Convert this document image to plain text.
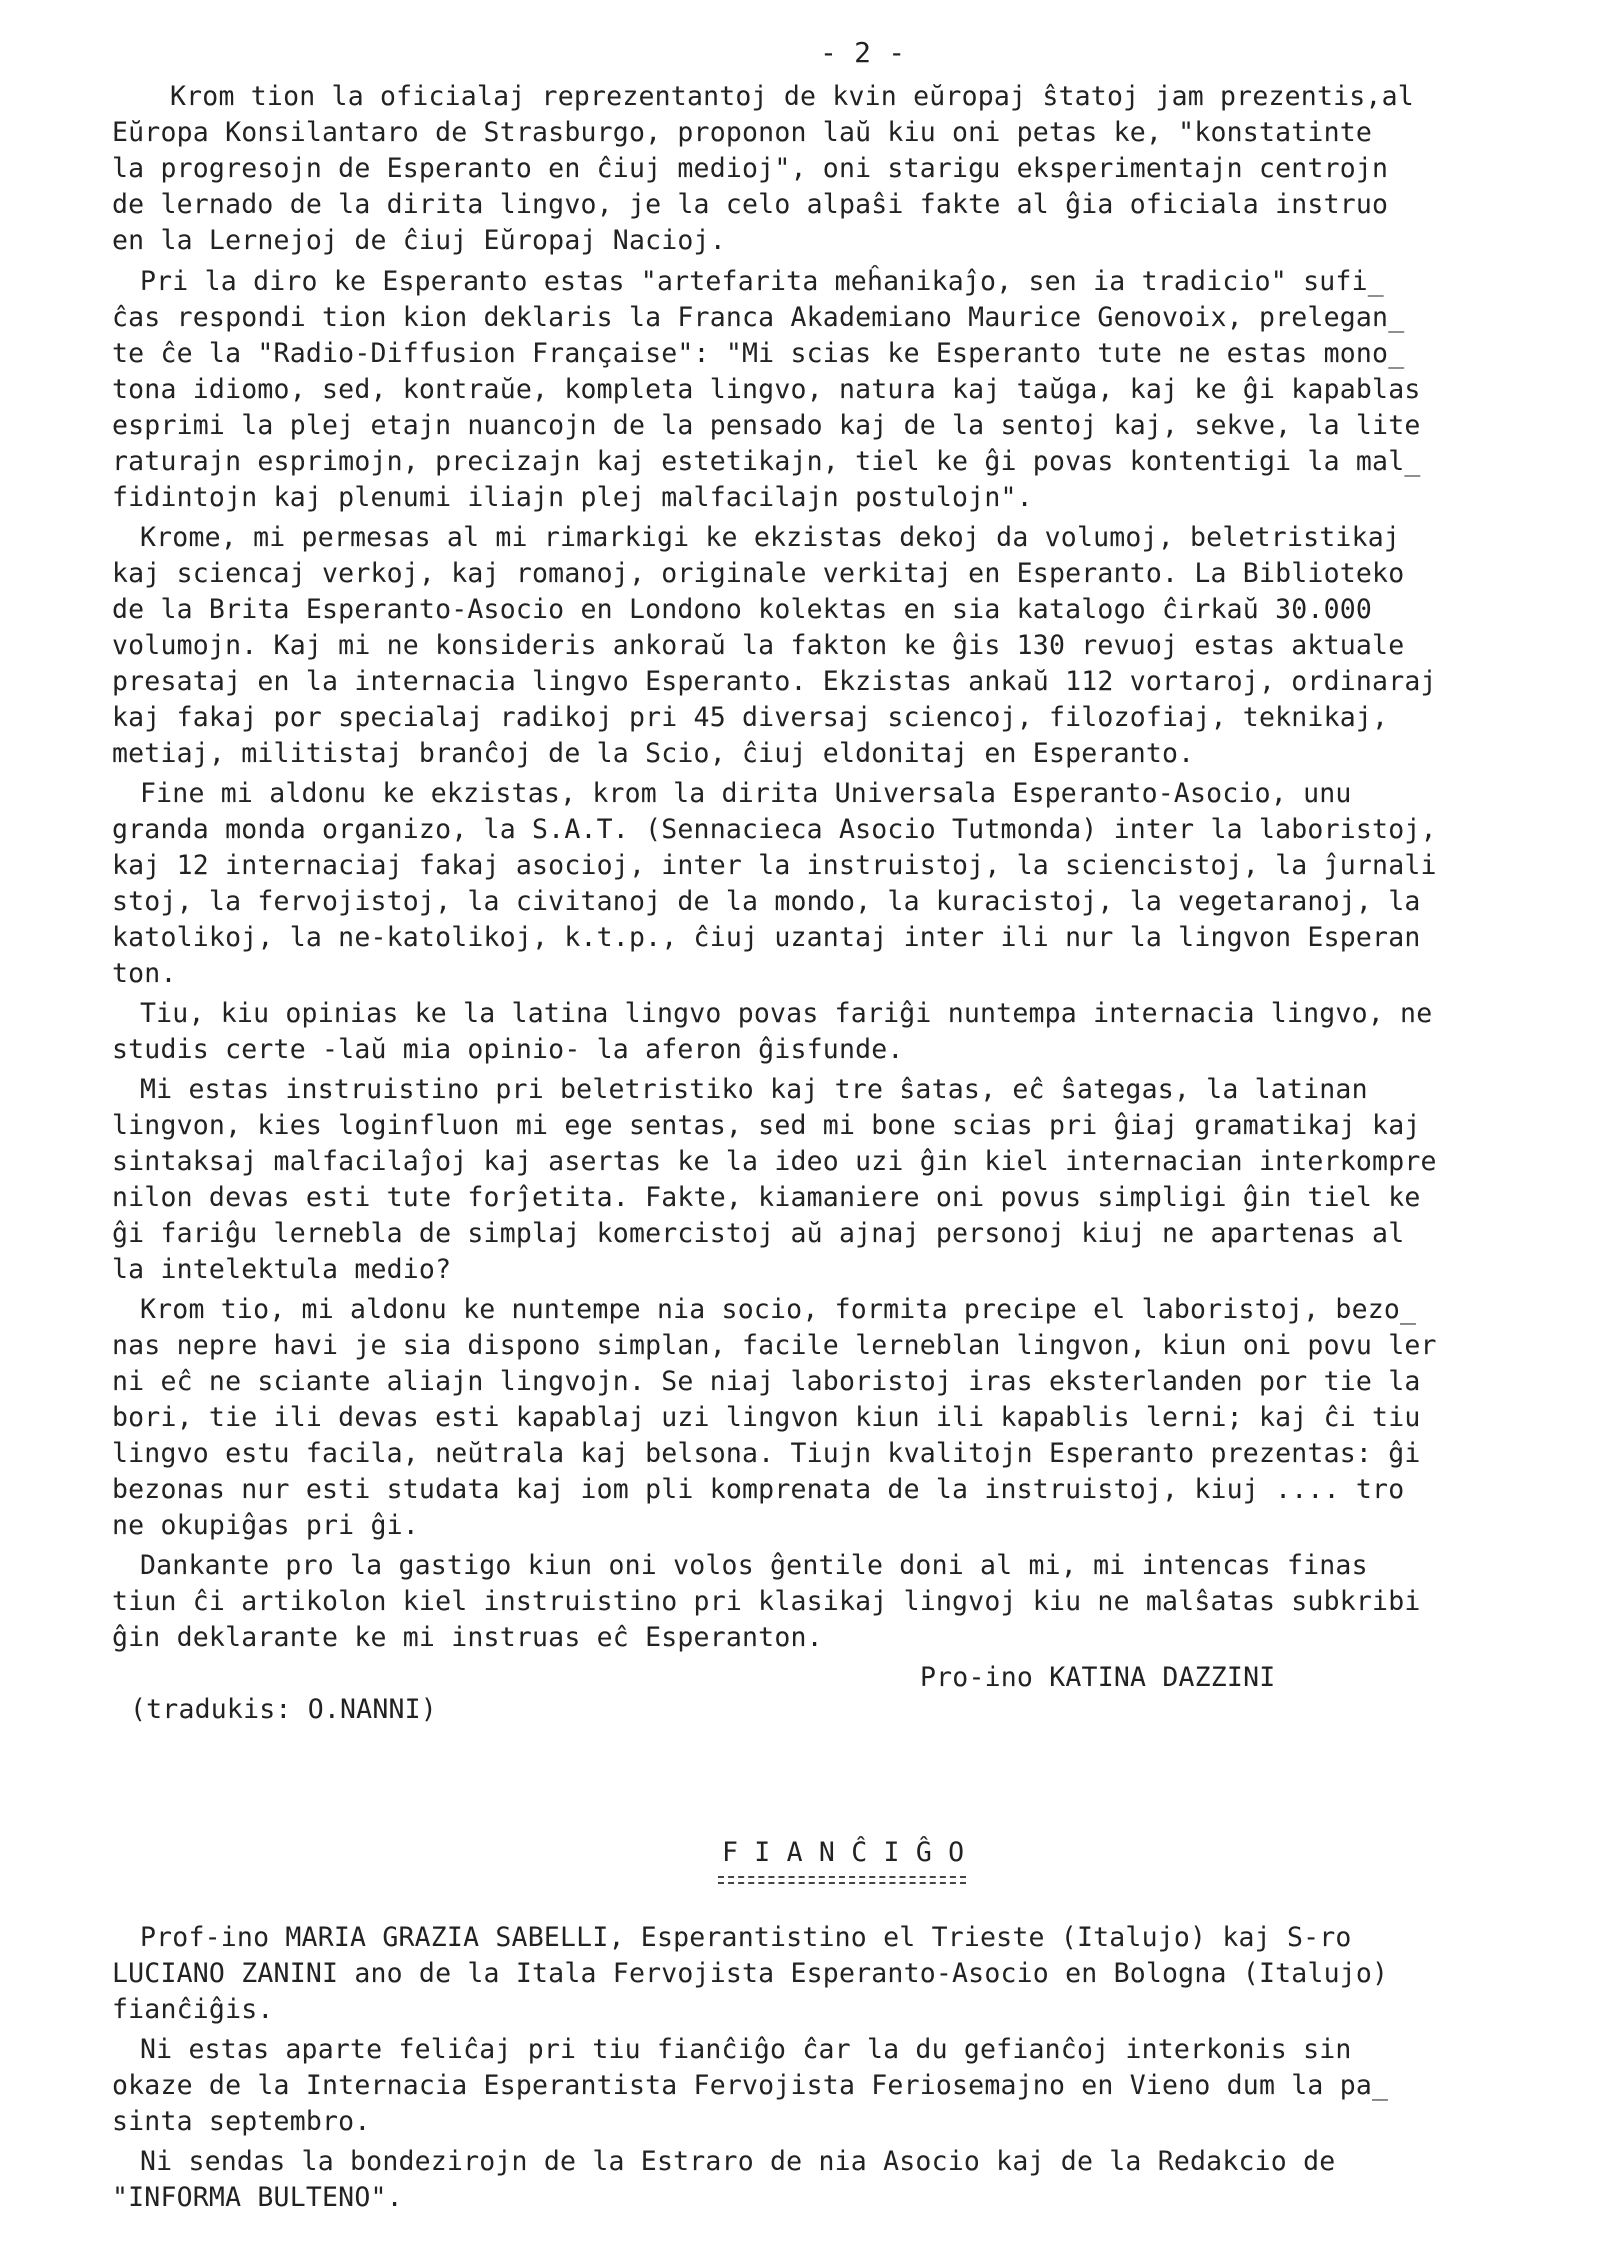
- 2 -
Krom tion la oficialaj reprezentantoj de kvin eŭropaj ŝtatoj jam prezentis,al
Eŭropa Konsilantaro de Strasburgo, proponon laŭ kiu oni petas ke, "konstatinte
la progresojn de Esperanto en ĉiuj medioj", oni starigu eksperimentajn centrojn
de lernado de la dirita lingvo, je la celo alpaŝi fakte al ĝia oficiala instruo
en la Lernejoj de ĉiuj Eŭropaj Nacioj.
Pri la diro ke Esperanto estas "artefarita meĥanikaĵo, sen ia tradicio" sufi_
ĉas respondi tion kion deklaris la Franca Akademiano Maurice Genovoix, prelegan_
te ĉe la "Radio-Diffusion Française": "Mi scias ke Esperanto tute ne estas mono_
tona idiomo, sed, kontraŭe, kompleta lingvo, natura kaj taŭga, kaj ke ĝi kapablas
esprimi la plej etajn nuancojn de la pensado kaj de la sentoj kaj, sekve, la lite
raturajn esprimojn, precizajn kaj estetikajn, tiel ke ĝi povas kontentigi la mal_
fidintojn kaj plenumi iliajn plej malfacilajn postulojn".
Krome, mi permesas al mi rimarkigi ke ekzistas dekoj da volumoj, beletristikaj
kaj sciencaj verkoj, kaj romanoj, originale verkitaj en Esperanto. La Biblioteko
de la Brita Esperanto-Asocio en Londono kolektas en sia katalogo ĉirkaŭ 30.000
volumojn. Kaj mi ne konsideris ankoraŭ la fakton ke ĝis 130 revuoj estas aktuale
presataj en la internacia lingvo Esperanto. Ekzistas ankaŭ 112 vortaroj, ordinaraj
kaj fakaj por specialaj radikoj pri 45 diversaj sciencoj, filozofiaj, teknikaj,
metiaj, militistaj branĉoj de la Scio, ĉiuj eldonitaj en Esperanto.
Fine mi aldonu ke ekzistas, krom la dirita Universala Esperanto-Asocio, unu
granda monda organizo, la S.A.T. (Sennacieca Asocio Tutmonda) inter la laboristoj,
kaj 12 internaciaj fakaj asocioj, inter la instruistoj, la sciencistoj, la ĵurnali
stoj, la fervojistoj, la civitanoj de la mondo, la kuracistoj, la vegetaranoj, la
katolikoj, la ne-katolikoj, k.t.p., ĉiuj uzantaj inter ili nur la lingvon Esperan
ton.
Tiu, kiu opinias ke la latina lingvo povas fariĝi nuntempa internacia lingvo, ne
studis certe -laŭ mia opinio- la aferon ĝisfunde.
Mi estas instruistino pri beletristiko kaj tre ŝatas, eĉ ŝategas, la latinan
lingvon, kies loginfluon mi ege sentas, sed mi bone scias pri ĝiaj gramatikaj kaj
sintaksaj malfacilaĵoj kaj asertas ke la ideo uzi ĝin kiel internacian interkompre
nilon devas esti tute forĵetita. Fakte, kiamaniere oni povus simpligi ĝin tiel ke
ĝi fariĝu lernebla de simplaj komercistoj aŭ ajnaj personoj kiuj ne apartenas al
la intelektula medio?
Krom tio, mi aldonu ke nuntempe nia socio, formita precipe el laboristoj, bezo_
nas nepre havi je sia dispono simplan, facile lerneblan lingvon, kiun oni povu ler
ni eĉ ne sciante aliajn lingvojn. Se niaj laboristoj iras eksterlanden por tie la
bori, tie ili devas esti kapablaj uzi lingvon kiun ili kapablis lerni; kaj ĉi tiu
lingvo estu facila, neŭtrala kaj belsona. Tiujn kvalitojn Esperanto prezentas: ĝi
bezonas nur esti studata kaj iom pli komprenata de la instruistoj, kiuj .... tro
ne okupiĝas pri ĝi.
Dankante pro la gastigo kiun oni volos ĝentile doni al mi, mi intencas finas
tiun ĉi artikolon kiel instruistino pri klasikaj lingvoj kiu ne malŝatas subkribi
ĝin deklarante ke mi instruas eĉ Esperanton.
Pro-ino KATINA DAZZINI
(tradukis: O.NANNI)
F I A N Ĉ I Ĝ O
Prof-ino MARIA GRAZIA SABELLI, Esperantistino el Trieste (Italujo) kaj S-ro
LUCIANO ZANINI ano de la Itala Fervojista Esperanto-Asocio en Bologna (Italujo)
fianĉiĝis.
Ni estas aparte feliĉaj pri tiu fianĉiĝo ĉar la du gefianĉoj interkonis sin
okaze de la Internacia Esperantista Fervojista Feriosemajno en Vieno dum la pa_
sinta septembro.
Ni sendas la bondezirojn de la Estraro de nia Asocio kaj de la Redakcio de
"INFORMA BULTENO".
